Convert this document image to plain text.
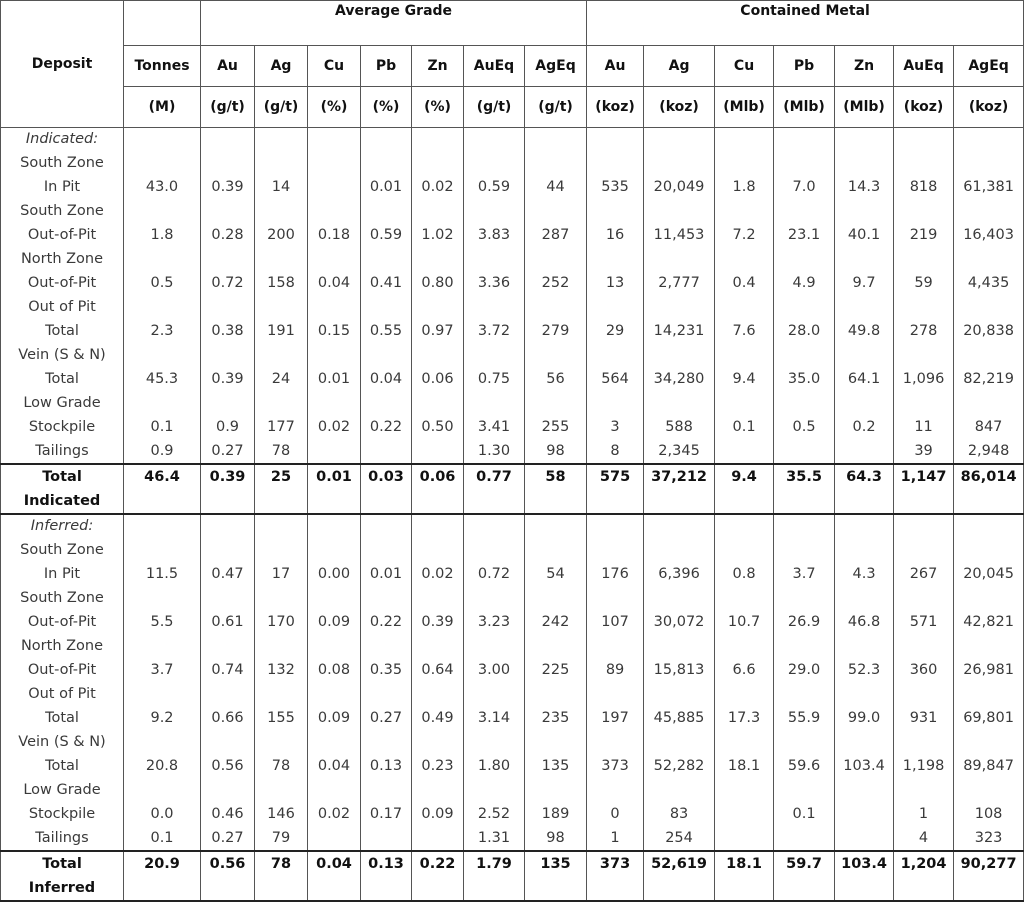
Deposit		Average Grade							Contained Metal						
	Tonnes	Au	Ag	Cu	Pb	Zn	AuEq	AgEq	Au	Ag	Cu	Pb	Zn	AuEq	AgEq
	(M)	(g/t)	(g/t)	(%)	(%)	(%)	(g/t)	(g/t)	(koz)	(koz)	(Mlb)	(Mlb)	(Mlb)	(koz)	(koz)
Indicated:															
South Zone															
In Pit	43.0	0.39	14		0.01	0.02	0.59	44	535	20,049	1.8	7.0	14.3	818	61,381
South Zone															
Out-of-Pit	1.8	0.28	200	0.18	0.59	1.02	3.83	287	16	11,453	7.2	23.1	40.1	219	16,403
North Zone															
Out-of-Pit	0.5	0.72	158	0.04	0.41	0.80	3.36	252	13	2,777	0.4	4.9	9.7	59	4,435
Out of Pit															
Total	2.3	0.38	191	0.15	0.55	0.97	3.72	279	29	14,231	7.6	28.0	49.8	278	20,838
Vein (S & N)															
Total	45.3	0.39	24	0.01	0.04	0.06	0.75	56	564	34,280	9.4	35.0	64.1	1,096	82,219
Low Grade															
Stockpile	0.1	0.9	177	0.02	0.22	0.50	3.41	255	3	588	0.1	0.5	0.2	11	847
Tailings	0.9	0.27	78				1.30	98	8	2,345				39	2,948

Total
Indicated	46.4	0.39	25	0.01	0.03	0.06	0.77	58	575	37,212	9.4	35.5	64.3	1,147	86,014
Inferred:															
South Zone															
In Pit	11.5	0.47	17	0.00	0.01	0.02	0.72	54	176	6,396	0.8	3.7	4.3	267	20,045
South Zone															
Out-of-Pit	5.5	0.61	170	0.09	0.22	0.39	3.23	242	107	30,072	10.7	26.9	46.8	571	42,821
North Zone															
Out-of-Pit	3.7	0.74	132	0.08	0.35	0.64	3.00	225	89	15,813	6.6	29.0	52.3	360	26,981
Out of Pit															
Total	9.2	0.66	155	0.09	0.27	0.49	3.14	235	197	45,885	17.3	55.9	99.0	931	69,801
Vein (S & N)															
Total	20.8	0.56	78	0.04	0.13	0.23	1.80	135	373	52,282	18.1	59.6	103.4	1,198	89,847
Low Grade															
Stockpile	0.0	0.46	146	0.02	0.17	0.09	2.52	189	0	83		0.1		1	108
Tailings	0.1	0.27	79				1.31	98	1	254				4	323

Total
Inferred	20.9	0.56	78	0.04	0.13	0.22	1.79	135	373	52,619	18.1	59.7	103.4	1,204	90,277
